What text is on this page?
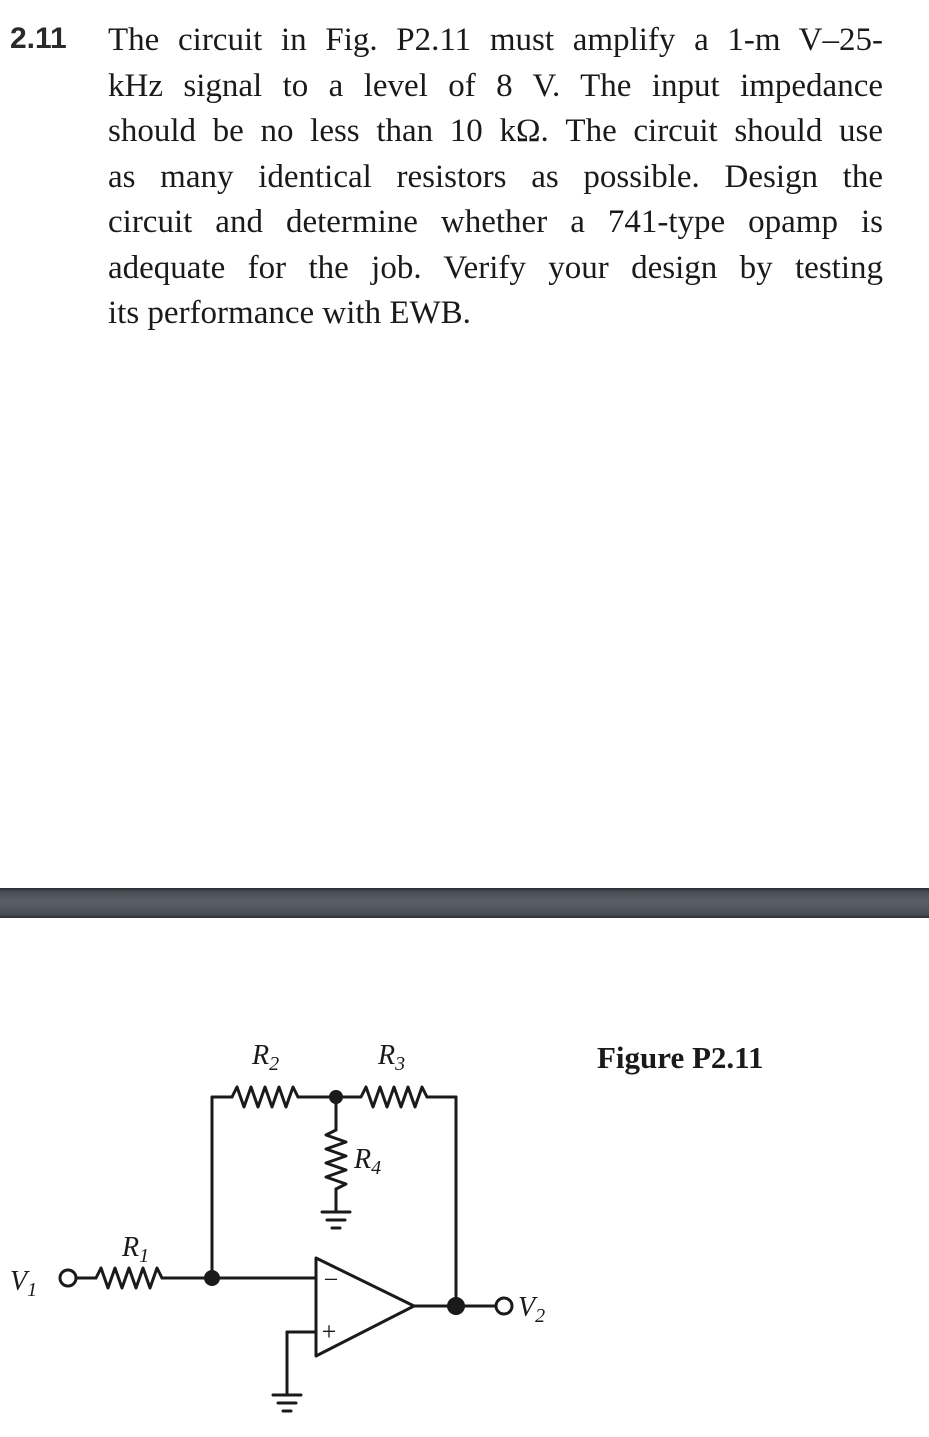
2.11 The circuit in Fig. P2.11 must amplify a 1-m V–25-
kHz signal to a level of 8 V. The input impedance
should be no less than 10 kΩ. The circuit should use
as many identical resistors as possible. Design the
circuit and determine whether a 741-type opamp is
adequate for the job. Verify your design by testing
its performance with EWB.

Figure P2.11
$R_2$	$R_3$
$R_4$
$R_1$
$V_1$
$V_2$
−
+
